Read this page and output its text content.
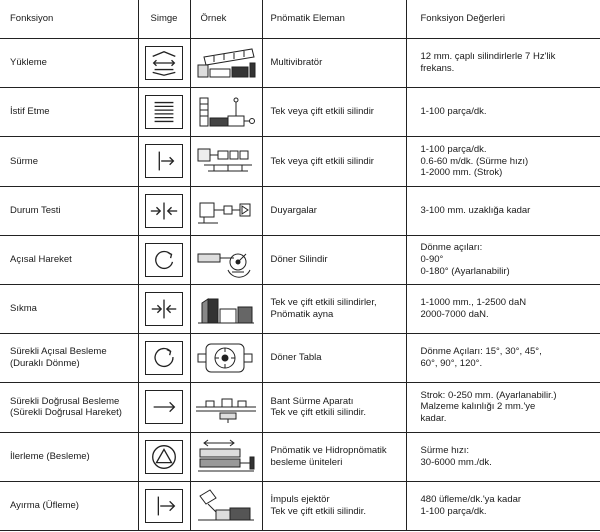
Fonksiyon	Simge	Örnek	Pnömatik Eleman	Fonksiyon Değerleri

Yükleme			Multivibratör	12 mm. çaplı silindirlerle 7 Hz'lik
frekans.

İstif Etme			Tek veya çift etkili silindir	1-100 parça/dk.

Sürme			Tek veya çift etkili silindir	1-100 parça/dk.
0.6-60 m/dk. (Sürme hızı)
1-2000 mm. (Strok)

Durum Testi			Duyargalar	3-100 mm. uzaklığa kadar

Açısal Hareket			Döner Silindir	Dönme açıları:
0-90°
0-180° (Ayarlanabilir)

Sıkma			Tek ve çift etkili silindirler,
Pnömatik ayna	1-1000 mm., 1-2500 daN
2000-7000 daN.

Sürekli Açısal Besleme
(Duraklı Dönme)			Döner Tabla	Dönme Açıları: 15°, 30°, 45°,
60°, 90°, 120°.

Sürekli Doğrusal Besleme
(Sürekli Doğrusal Hareket)			Bant Sürme Aparatı
Tek ve çift etkili silindir.	Strok: 0-250 mm. (Ayarlanabilir.)
Malzeme kalınlığı 2 mm.'ye
kadar.

İlerleme (Besleme)			Pnömatik ve Hidropnömatik
besleme üniteleri	Sürme hızı:
30-6000 mm./dk.

Ayırma (Üfleme)			İmpuls ejektör
Tek ve çift etkili silindir.	480 üfleme/dk.'ya kadar
1-100 parça/dk.
